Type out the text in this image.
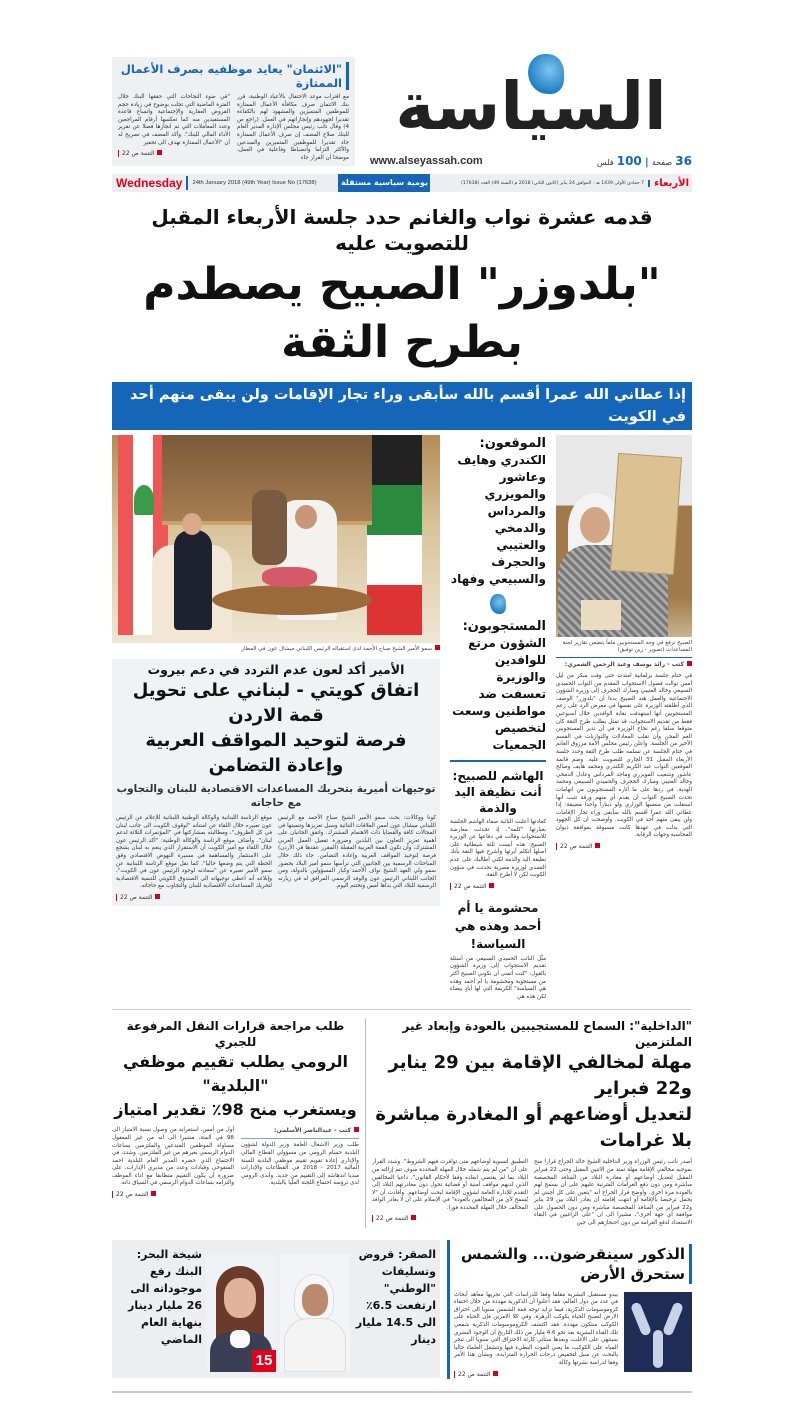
"الائتمان" يعايد موظفيه بصرف الأعمال الممتازة
"في ضوء النجاحات التي حققها البنك خلال الفترة الماضية التي تجلت بوضوح في زيادة حجم القروض العقارية والإجتماعية واتساع قاعدة المستفيدين منه كما تعكسها أرقام المراجعين وعدد المعاملات التي تم انجازها فضلا عن تقرير الأداء المالي للبنك". وأكد المضف في تصريح له أن "الأعمال الممتازة تهدف الى تحفيز
التتمة ص 22
مع اقتراب موعد الاحتفال بالأعياد الوطنية، قرر بنك الائتمان صرف مكافأة الأعمال الممتازة للموظفين المتميزين والمشهود لهم بالكفاءة تقديرا لجهودهم وإنجازاتهم في العمل. (راجع ص 4) وقال نائب رئيس مجلس الإدارة المدير العام للبنك صلاح المضف إن صرف الأعمال الممتازة جاء تقديرا للموظفين المتميزين والمبدعين والأكثر التزاما وانضباطا وفاعلية في العمل، موضحا أن القرار جاء
السياسة
www.alseyassah.com	36 صفحة | 100 فلس
Wednesday	24th January 2018 (49th Year) Issue No (17638)	يومية سياسية مستقلة	7 جمادى الأولى 1439 هـ - الموافق 24 يناير (كانون الثاني) 2018 م (السنة 49) العدد (17638)	الأربعاء
قدمه عشرة نواب والغانم حدد جلسة الأربعاء المقبل للتصويت عليه
"بلدوزر" الصبيح يصطدم بطرح الثقة
إذا عطاني الله عمرا أقسم بالله سأبقى وراء تجار الإقامات ولن يبقى منهم أحد في الكويت
سمو الأمير الشيخ صباح الأحمد لدى استقباله الرئيس اللبناني ميشال عون في المطار
الأمير أكد لعون عدم التردد في دعم بيروت
اتفاق كويتي - لبناني على تحويل قمة الاردن
فرصة لتوحيد المواقف العربية وإعادة التضامن
توجيهات أميرية بتحريك المساعدات الاقتصادية للبنان والتجاوب مع حاجاته
موقع الرئاسة اللبنانية والوكالة الوطنية اللبنانية للإعلام عن الرئيس عون تعبيره خلال اللقاء عن امتنانه "لوقوف الكويت الى جانب لبنان في كل الظروف"، ومطالبته بمشاركتها في "المؤتمرات الثلاثة لدعم لبنان". وأضاف موقع الرئاسة والوكالة الوطنية: "أكد الرئيس عون خلال اللقاء مع أمير الكويت أن الاستقرار الذي ينعم به لبنان يشجع على الاستثمار والمساهمة في مسيرة النهوض الاقتصادي وفق الخطة التي يتم وضعها حاليا". كما نقل موقع الرئاسة اللبنانية عن سمو الأمير تعبيره عن "سعادته لوجود الرئيس عون في الكويت"، وإبلاغه أنه أعطى توجيهاته الى الصندوق الكويتي للتنمية الاقتصادية لتحريك المساعدات الاقتصادية للبنان والتجاوب مع حاجاته.
التتمة ص 22
كونا ووكالات: بحث سمو الأمير الشيخ صباح الأحمد مع الرئيس اللبناني ميشال عون أمس العلاقات الثنائية وسبل تعزيزها وتنميتها في المجالات كافة والقضايا ذات الاهتمام المشترك. واتفق الجانبان على أهمية تعزيز التعاون بين البلدين وضرورة تفعيل العمل العربي المشترك، وأن تكون القمة العربية المقبلة (المقرر عقدها في الأردن) فرصة لتوحيد المواقف العربية وإعادة التضامن. جاء ذلك خلال المباحثات الرسمية بين الجانبين التي ترأسها سمو أمير البلاد بحضور سمو ولي العهد الشيخ نواف الأحمد وكبار المسؤولين بالدولة، ومن الجانب اللبناني الرئيس عون والوفد الرسمي المرافق له في زيارته الرسمية للبلاد التي بدأها أمس وتختتم اليوم.
الموقعون:
الكندري وهايف وعاشور والمويزري والمرداس والدمخي والعتيبي والحجرف والسبيعي وفهاد
المستجوبون:
الشؤون مرتع للوافدين والوزيرة تعسفت ضد مواطنين وسعت لتخصيص الجمعيات
الهاشم للصبيح: أنت نظيفة اليد والذمة
كعادتها أعلنت النائبة صفاء الهاشم الجلسة بعبارتها "كلمة"، إذ تحدثت معارضة للاستجواب وقالت في دفاعها عن الوزيرة الصبيح: هذه أيست ثلثة شيطانية على أصلها أتكلم أبرئها وأشرح فيها الثقة بأنك نظيفة اليد والذمة لكني أطالبك على عدم التصدي لوزيرة مصرية تحدثت في شؤون الكويت لكن لا أطرح الثقة.
التتمة ص 22
محشومة يا أم أحمد وهذه هي السياسة!
مثّل النائب الحميدي السبيعي من أسئلة تقديم الاستجواب إلى وزيرة الشؤون بالقول: "كنت أتمنى أن تكوني الصبيح أكثر من مستجوبة ومحشومة يا أم أحمد وهذه هي السياسة" الكريمة التي لها أيادٍ بيضاء لكن هذه هي
الصبيح ترفع في وجه المستجوبين ملفاً يتضمن تقارير لجنة المساعدات (تصوير - زين توفيق)
كتب - رائد يوسف وعبد الرحمن الشمري:
في ختام جلسة برلمانية امتدت حتى وقت مبكر من ليل أمس توالت فصول الاستجواب المقدم من النواب الحميدي السبيعي وخالد العتيبي ومبارك الحجرف إلى وزيرة الشؤون الاجتماعية والعمل هند الصبيح بدءا أن "بلدوزر" الوصف الذي أطلقته الوزيرة على نفسها في معرض الرد على زعم المستجوبين أنها استهدفت نقابة الوافدين خلال أسبوعين فقط من تقديم الاستجواب، قد تمثل بطلب طرح الثقة كان متوقعا سلفا رغم نجاح الوزيرة في أن تدير المستجوبين الغم المجن وأن تقلب المعادلات والتوازنات في القسم الأخير من الجلسة. وأعلن رئيس مجلس الأمة مرزوق الغانم في ختام الجلسة عن تسلمه طلب طرح الثقة وحدد جلسة الأربعاء المقبل 31 الجاري للتصويت عليه. وضم قائمة الموقعين النواب عبد الكريم الكندري ومحمد هايف وصالح عاشور وشعيب المويزري وماجد المرداس وعادل الدمخي وخالد العتيبي ومبارك الحجرف والحميدي السبيعي ومحمد الهدية. في ردها على ما أثاره المستجوبون من اتهامات تحدت الصبيح النواب أن يقدم أي منهم ورقة تثبت أنها استغلت من منصبها الوزاري ولو دينارا واحدا مضيفة: إذا عطاني الله عمرا أقسم بالله سأبقى وراء تجار الإقامات ولن يبقى منهم أحد في الكويت. وأوضحت أن كل الجهود التي بذلت في عهدها كانت مسبوقة بموافقة ديوان المحاسبة وجهات الرقابة.
التتمة ص 22
طلب مراجعة قرارات النقل المرفوعة للجبري
الرومي يطلب تقييم موظفي "البلدية"
ويستغرب منح 98٪ تقدير امتياز
أول من أمس، استغرابه من وصول نسبة الامتياز الى 98 في المئة، مشيرا الى انه من غير المعقول مساواة الموظفين المبدعين والملتزمين بساعات الدوام الرسمي بغيرهم من غير الملتزمين. وشدد، في الاجتماع الذي حضره المدير العام للبلدية احمد المنفوحي وقيادات وعدد من مديري الإدارات، على ضرورة أن يكون التقييم متطابقا مع اداء الموظف والتزامه بساعات الدوام الرسمي في السياق ذاته.
التتمة ص 22
كتب - عبدالناصر الأسلمي:
طلب وزير الاشغال العامة وزير الدولة لشؤون البلدية حسام الرومي من مسؤولي القطاع المالي والإداري إعادة تقويم تقييم موظفي البلدية للسنة المالية 2017 - 2018 في القطاعات والإدارات مبديا اندهاشه إلى التقييم من جديد. وأبدى الرومي لدى ترؤسه اجتماع اللجنة العليا بالبلدية.
"الداخلية": السماح للمستجيبين بالعودة وإبعاد غير الملتزمين
مهلة لمخالفي الإقامة بين 29 يناير و22 فبراير
لتعديل أوضاعهم أو المغادرة مباشرة بلا غرامات
التطبيق لتسوية أوضاعهم متى توافرت فيهم الشروط". وشدد القرار على أن "من لم يتم شمله خلال المهلة المحددة سوف تتم إزالته من البلاد بما لم يقتضي ابعاده وفقا لأحكام القانون"، داعيا المخالفين الذين لديهم مواقف أمنية أو قضائية تحول دون مغادرتهم البلاد إلى التقدم للإدارة العامة لشؤون الإقامة لبحث أوضاعهم. وأفادت أن "لا يُسمح لأي من المخالفين بالعودة" في الإسلام على أن لا يغادر الوافد المخالف خلال المهلة المحددة فورا.
التتمة ص 22
أصدر نائب رئيس الوزراء وزير الداخلية الشيخ خالد الجراح قرارا منح بموجبه مخالفي الإقامة مهلة تمتد من الاثنين المقبل وحتى 22 فبراير المقبل لتعديل أوضاعهم أو مغادرة البلاد من المنافذ المخصصة مباشرة ومن دون دفع الغرامات المترتبة عليهم على أن يسمح لهم بالعودة مرة أخرى. وأوضح قرار الجراح أنه "يتعين على كل أجنبي لم يحمل ترخيصا بالإقامة أو انتهت إقامته أن يغادر البلاد بين 29 يناير و22 فبراير من المنافذ المخصصة مباشرة ومن دون الحصول على موافقة أي جهة أخرى"، مشيرا الى ان "على الراغبين في البقاء الاستعداد لدفع الغرامة من دون احتجازهم الى حين
شيخة البحر: البنك رفع موجوداته الى 26 مليار دينار بنهاية العام الماضي
15
الصقر: قروض وتسليفات "الوطني" ارتفعت 6.5٪ الى 14.5 مليار دينار
الذكور سينقرضون... والشمس ستحرق الأرض
يبدو مستقبل البشرية مقلقا وفقا للدراسات التي تجريها معاهد أبحاث في عدد من دول العالم، فقد اعلنوا أن الذكورية مهددة من خلال اختفاء كروموسومات الذكرية، فيما تزايد توجه قمة الشمس سنويا الى احتراق الارض لتصبح الحياة بكوكب الزهرة، وفي كلا الامرين فإن الحياة على الكوكب ستكون مهددة. فقد اكتشف الكروموسومات الذكرية شمعي تلك الفناء البشرية بعد نحو 4.6 مليار من ذلك التاريخ أن الوجود البشري سينتهي على الأغلب، وبعدها ستأتي كارثة الاحتراق التي سنويا الى تبخر المياه على الكوكب، ما يعني الموت البطيء فيها وتنشغل العلماء حاليا بالبحث عن سبل لتخفيض درجات الحرارة المتزايدة. وبشأن هذا الأمر وفقا لدراسة نشرتها وكالة
التتمة ص 22
